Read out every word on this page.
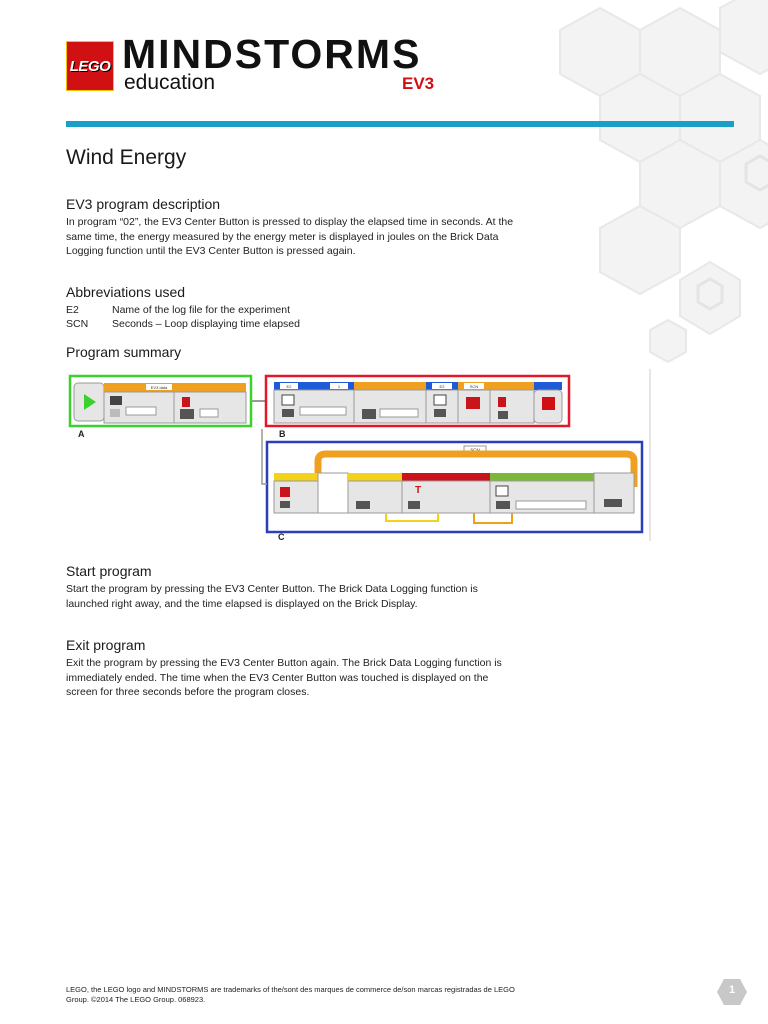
LEGO MINDSTORMS
education	EV3
Wind Energy
EV3 program description
In program “02”, the EV3 Center Button is pressed to display the elapsed time in seconds. At the same time, the energy measured by the energy meter is displayed in joules on the Brick Data Logging function until the EV3 Center Button is pressed again.
Abbreviations used
E2	Name of the log file for the experiment
SCN Seconds – Loop displaying time elapsed
Program summary
EV3 data	E2	1	E2	SCN
A	B
SCN
T
C
Start program
Start the program by pressing the EV3 Center Button. The Brick Data Logging function is launched right away, and the time elapsed is displayed on the Brick Display.
Exit program
Exit the program by pressing the EV3 Center Button again. The Brick Data Logging function is immediately ended. The time when the EV3 Center Button was touched is displayed on the screen for three seconds before the program closes.
LEGO, the LEGO logo and MINDSTORMS are trademarks of the/sont des marques de commerce de/son marcas registradas de LEGO Group. ©2014 The LEGO Group. 068923.
1
